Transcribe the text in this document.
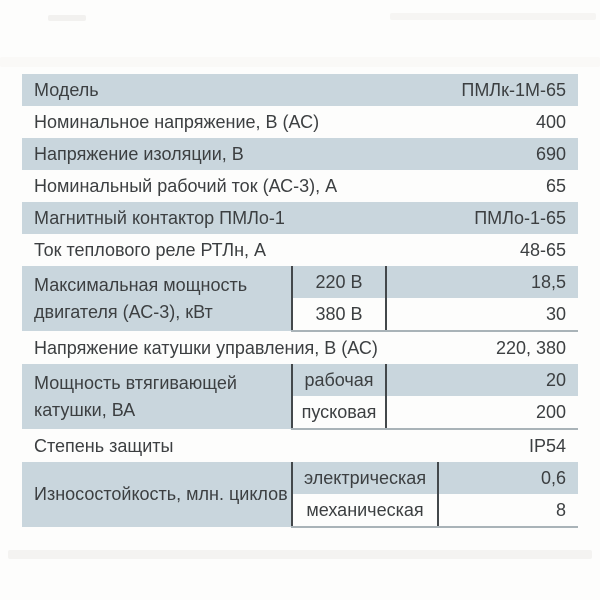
Модель			ПМЛк-1М-65
Номинальное напряжение, В (АС)			400
Напряжение изоляции, В			690
Номинальный рабочий ток (АС-3), А			65
Магнитный контактор ПМЛо-1			ПМЛо-1-65
Ток теплового реле РТЛн, А			48-65
Максимальная мощность двигателя (АС-3), кВт	220 В	18,5	
	380 В	30	
Напряжение катушки управления, В (АС)			220, 380
Мощность втягивающей катушки, ВА	рабочая	20	
	пусковая	200	
Степень защиты			IP54
Износостойкость, млн. циклов	электрическая		0,6
	механическая		8
